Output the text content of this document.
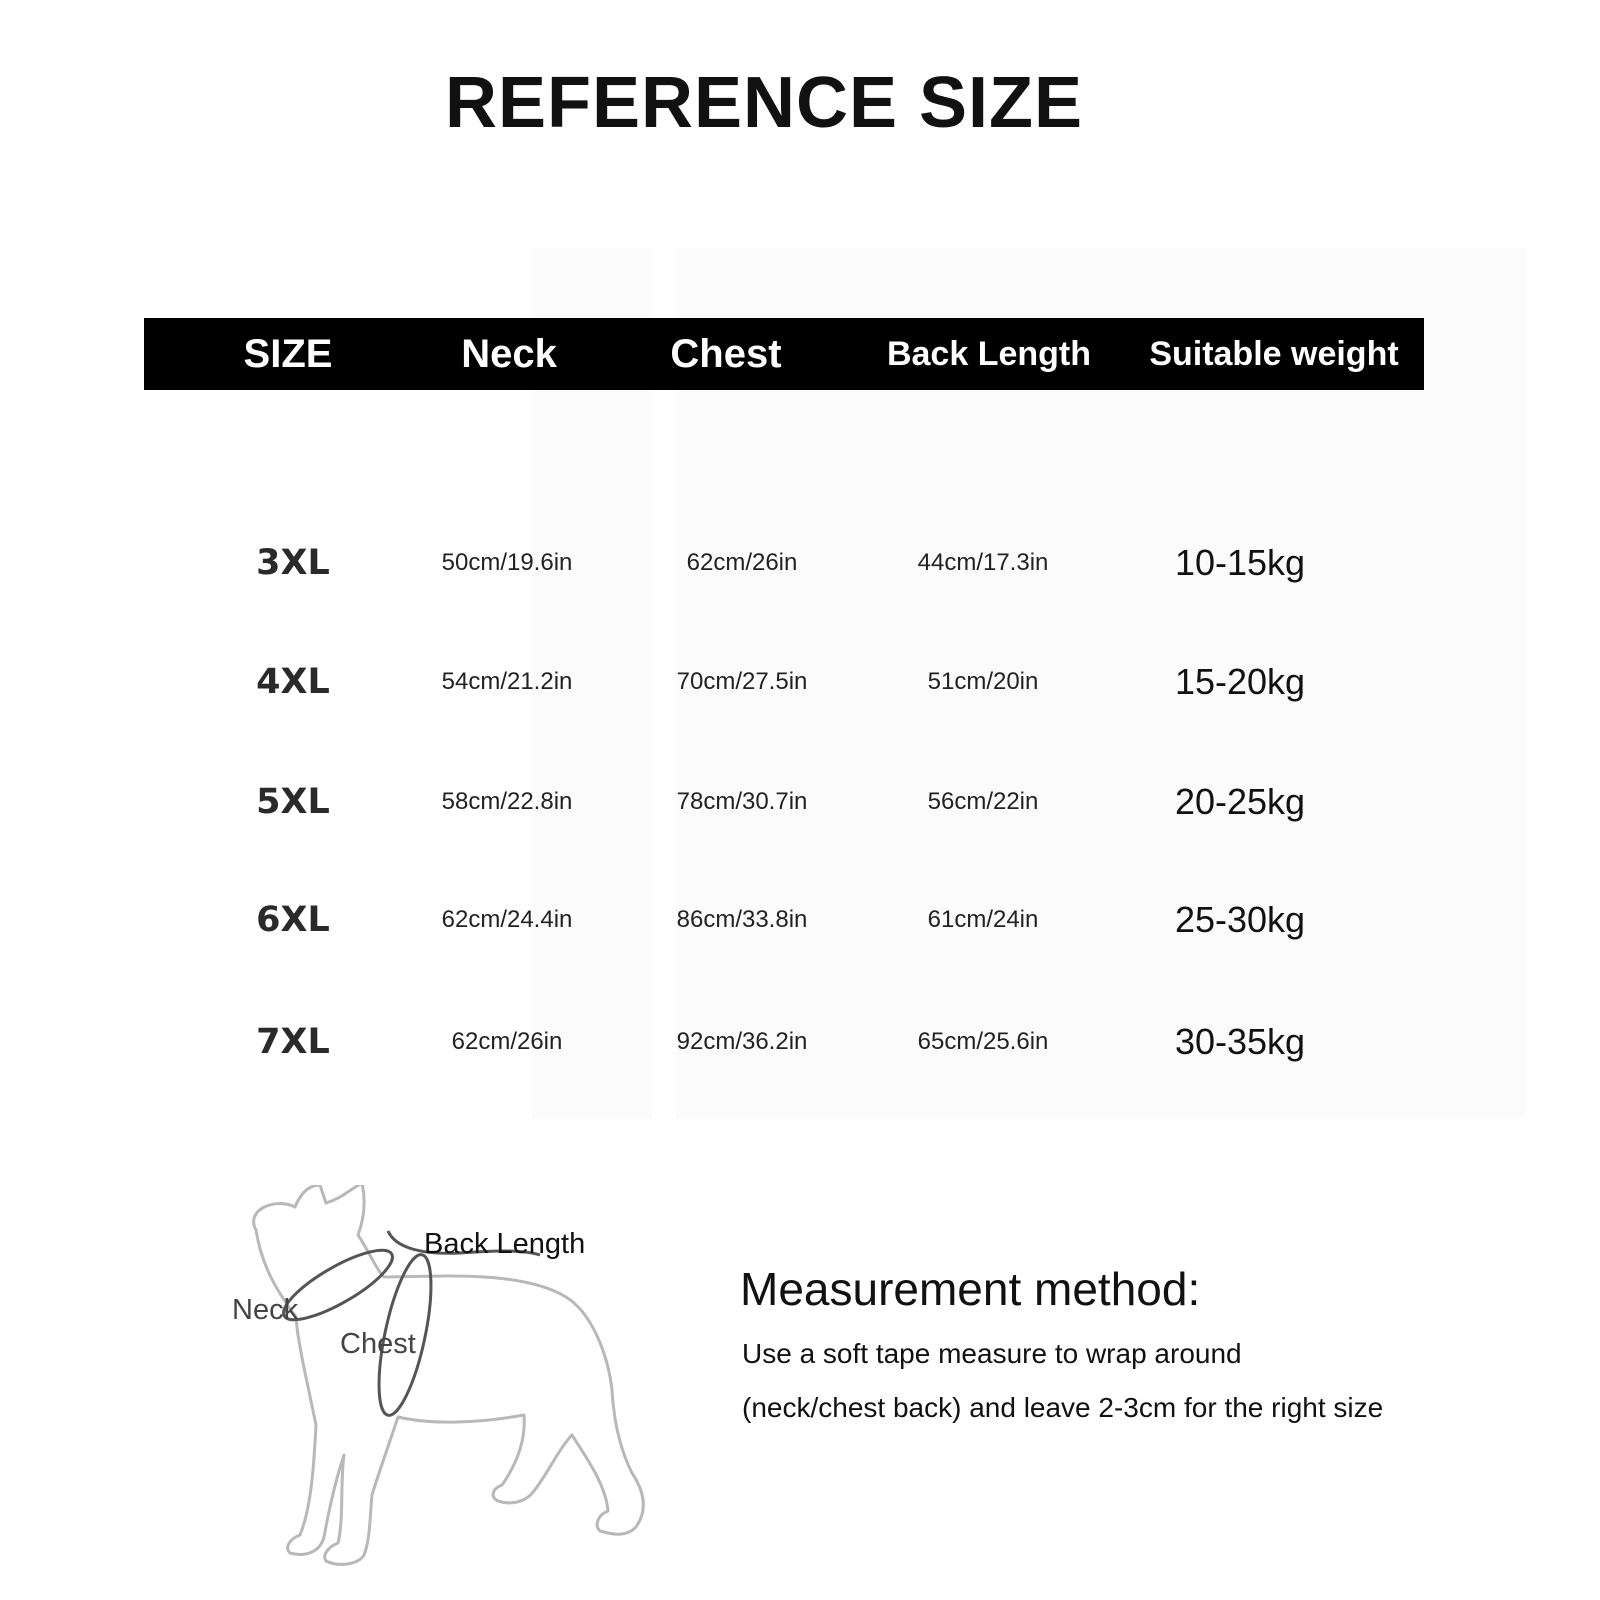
REFERENCE SIZE
SIZE	Neck	Chest	Back Length	Suitable weight
3XL	50cm/19.6in	62cm/26in	44cm/17.3in	10-15kg
4XL	54cm/21.2in	70cm/27.5in	51cm/20in	15-20kg
5XL	58cm/22.8in	78cm/30.7in	56cm/22in	20-25kg
6XL	62cm/24.4in	86cm/33.8in	61cm/24in	25-30kg
7XL	62cm/26in	92cm/36.2in	65cm/25.6in	30-35kg
Back Length
Neck
Chest
Measurement method:
Use a soft tape measure to wrap around
(neck/chest back) and leave 2-3cm for the right size
